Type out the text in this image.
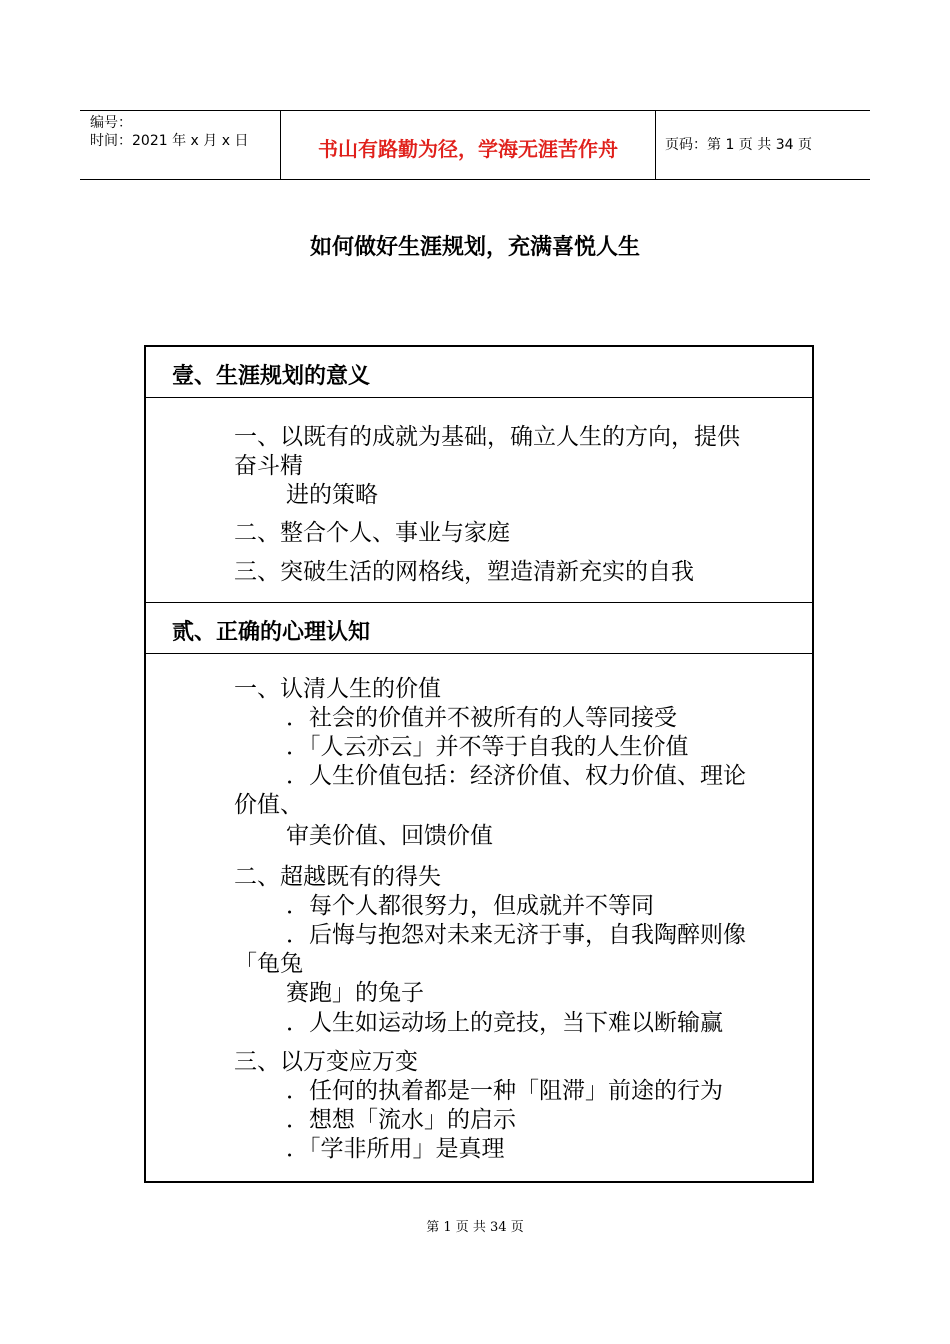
编号：
时间：2021 年 x 月 x 日	书山有路勤为径，学海无涯苦作舟	页码：第 1 页 共 34 页
如何做好生涯规划，充满喜悦人生
壹、生涯规划的意义
一、以既有的成就为基础，确立人生的方向，提供
奋斗精
进的策略
二、整合个人、事业与家庭
三、突破生活的网格线，塑造清新充实的自我
贰、正确的心理认知
一、认清人生的价值
．社会的价值并不被所有的人等同接受
．「人云亦云」并不等于自我的人生价值
．人生价值包括：经济价值、权力价值、理论
价值、
审美价值、回馈价值
二、超越既有的得失
．每个人都很努力，但成就并不等同
．后悔与抱怨对未来无济于事，自我陶醉则像
「龟兔
赛跑」的兔子
．人生如运动场上的竞技，当下难以断输赢
三、以万变应万变
．任何的执着都是一种「阻滞」前途的行为
．想想「流水」的启示
．「学非所用」是真理
第 1 页 共 34 页
